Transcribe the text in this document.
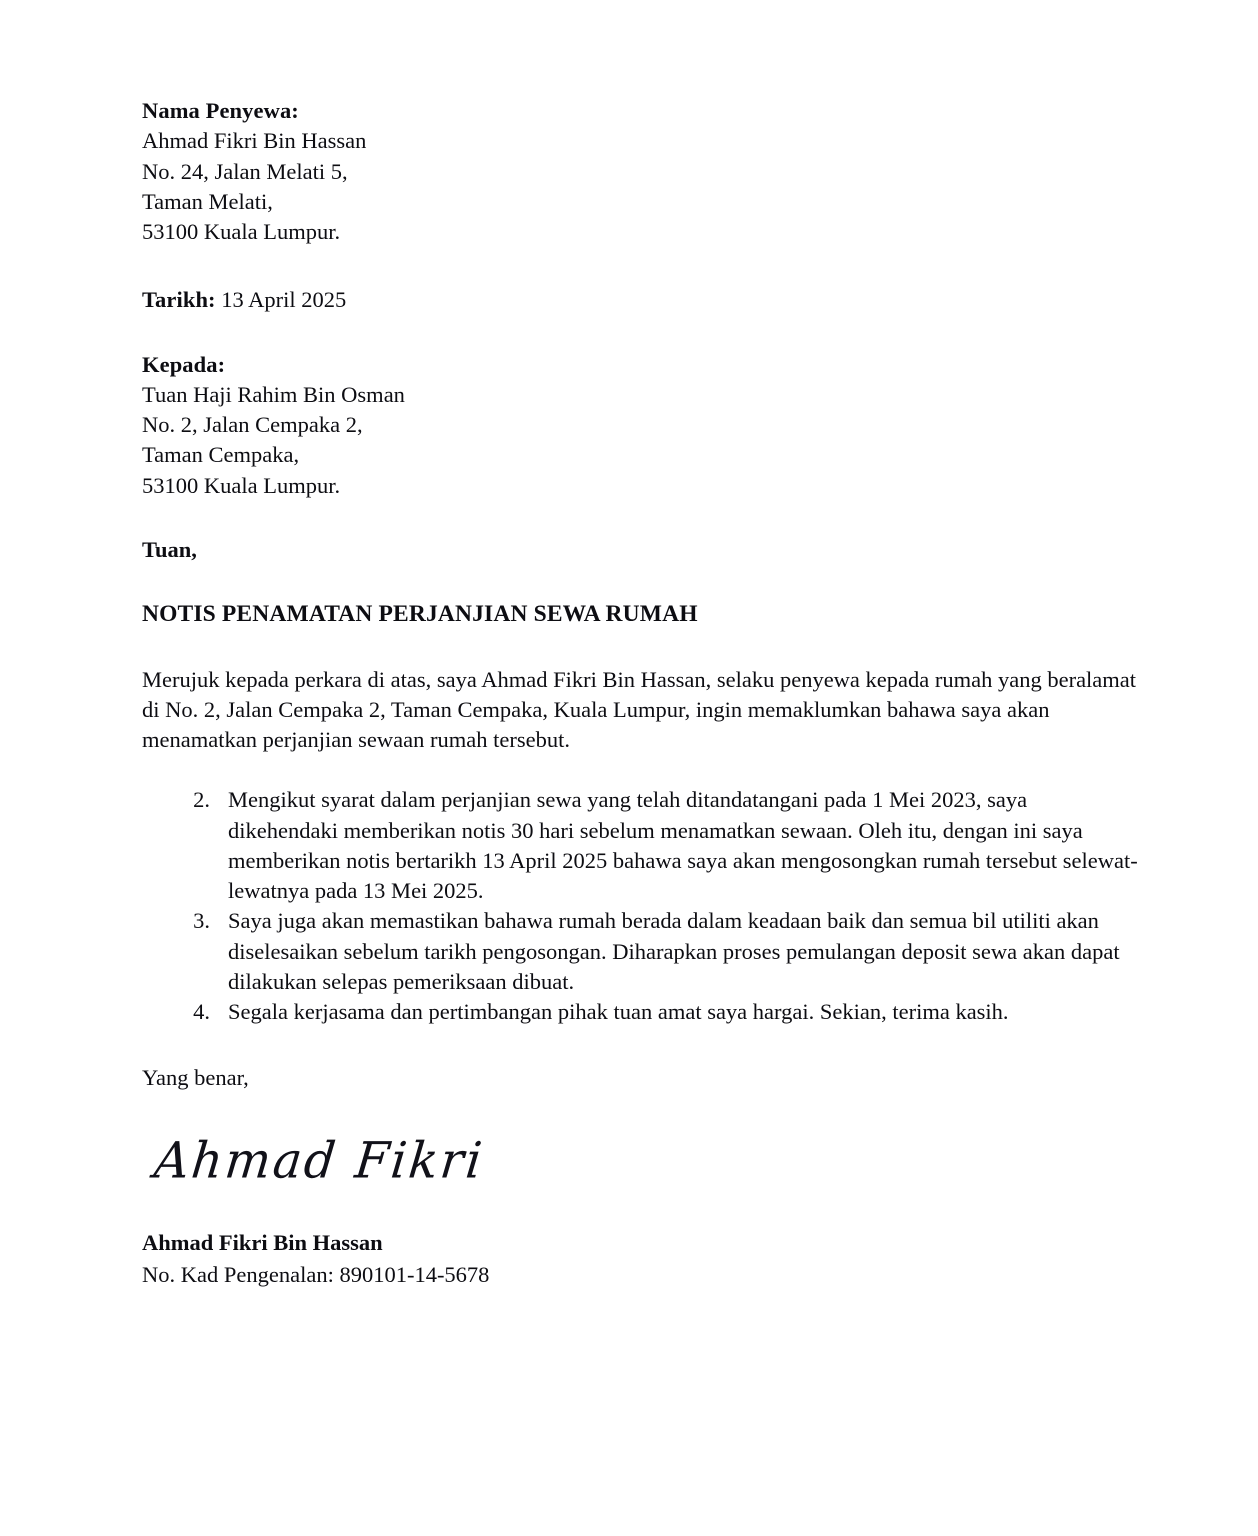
Nama Penyewa:
Ahmad Fikri Bin Hassan
No. 24, Jalan Melati 5,
Taman Melati,
53100 Kuala Lumpur.
Tarikh: 13 April 2025
Kepada:
Tuan Haji Rahim Bin Osman
No. 2, Jalan Cempaka 2,
Taman Cempaka,
53100 Kuala Lumpur.
Tuan,
NOTIS PENAMATAN PERJANJIAN SEWA RUMAH

Merujuk kepada perkara di atas, saya Ahmad Fikri Bin Hassan, selaku penyewa kepada rumah yang beralamat di No. 2, Jalan Cempaka 2, Taman Cempaka, Kuala Lumpur, ingin memaklumkan bahawa saya akan menamatkan perjanjian sewaan rumah tersebut.

2. Mengikut syarat dalam perjanjian sewa yang telah ditandatangani pada 1 Mei 2023, saya dikehendaki memberikan notis 30 hari sebelum menamatkan sewaan. Oleh itu, dengan ini saya memberikan notis bertarikh 13 April 2025 bahawa saya akan mengosongkan rumah tersebut selewat-lewatnya pada 13 Mei 2025.
3. Saya juga akan memastikan bahawa rumah berada dalam keadaan baik dan semua bil utiliti akan diselesaikan sebelum tarikh pengosongan. Diharapkan proses pemulangan deposit sewa akan dapat dilakukan selepas pemeriksaan dibuat.
4. Segala kerjasama dan pertimbangan pihak tuan amat saya hargai. Sekian, terima kasih.
Yang benar,
Ahmad Fikri
Ahmad Fikri Bin Hassan
No. Kad Pengenalan: 890101-14-5678
